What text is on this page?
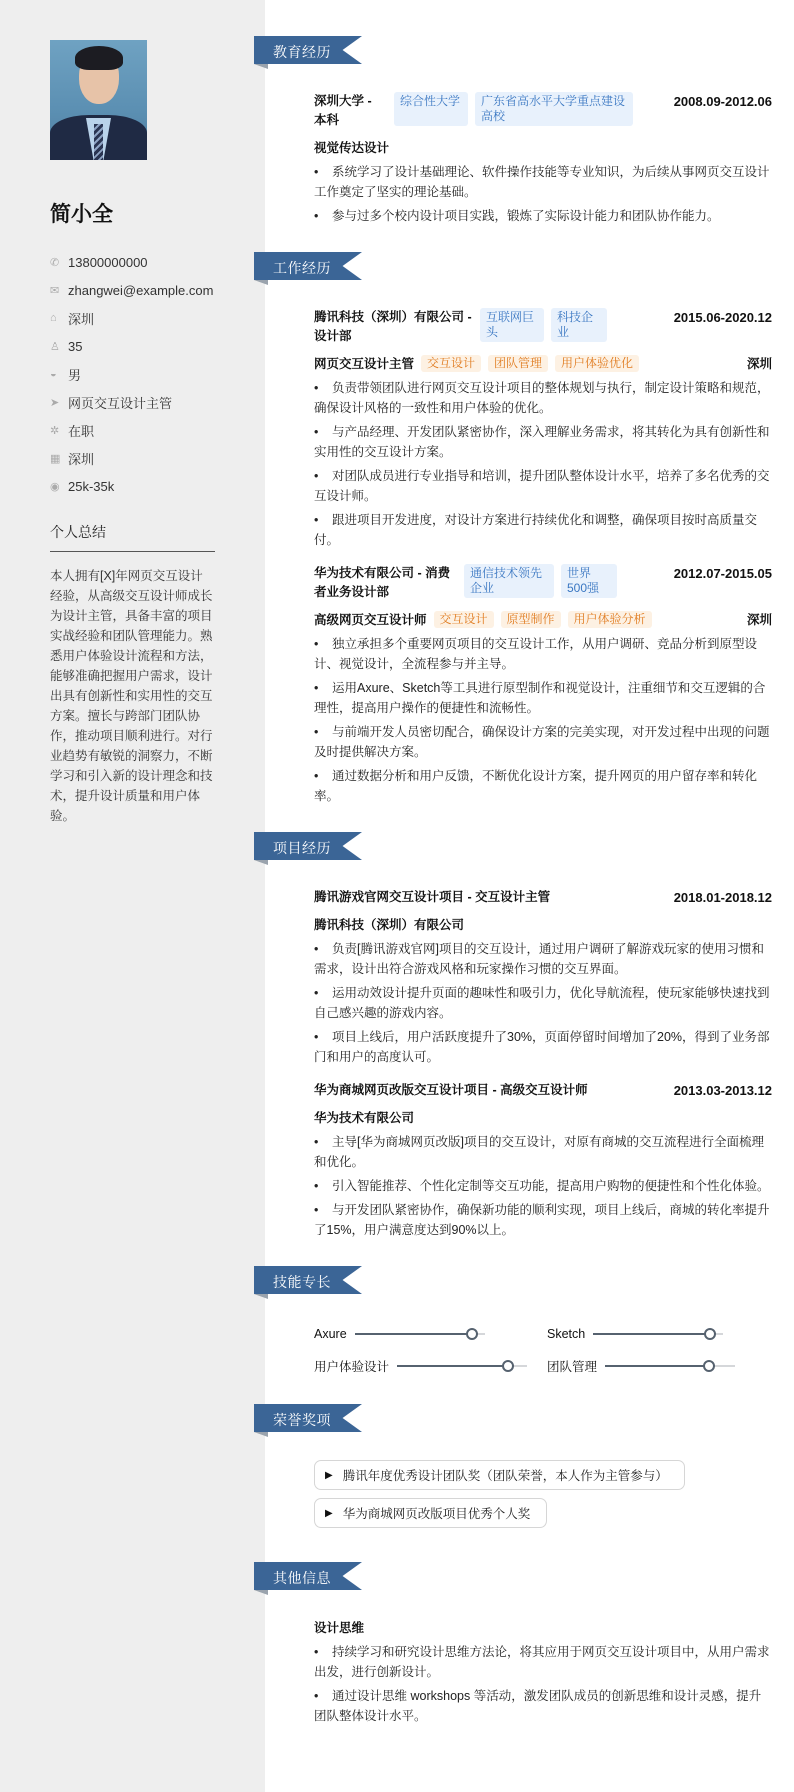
简小全
✆ 13800000000
✉ zhangwei@example.com
⌂ 深圳
♙ 35
◒ 男
➤ 网页交互设计主管
✲ 在职
▦ 深圳
◉ 25k-35k
个人总结
本人拥有[X]年网页交互设计经验，从高级交互设计师成长为设计主管，具备丰富的项目实战经验和团队管理能力。熟悉用户体验设计流程和方法，能够准确把握用户需求，设计出具有创新性和实用性的交互方案。擅长与跨部门团队协作，推动项目顺利进行。对行业趋势有敏锐的洞察力，不断学习和引入新的设计理念和技术，提升设计质量和用户体验。
教育经历
深圳大学 - 本科
综合性大学	广东省高水平大学重点建设高校
2008.09-2012.06
视觉传达设计
• 系统学习了设计基础理论、软件操作技能等专业知识，为后续从事网页交互设计工作奠定了坚实的理论基础。
• 参与过多个校内设计项目实践，锻炼了实际设计能力和团队协作能力。
工作经历
腾讯科技（深圳）有限公司 - 设计部
互联网巨头
科技企业
2015.06-2020.12
网页交互设计主管	交互设计	团队管理	用户体验优化	深圳
• 负责带领团队进行网页交互设计项目的整体规划与执行，制定设计策略和规范，确保设计风格的一致性和用户体验的优化。
• 与产品经理、开发团队紧密协作，深入理解业务需求，将其转化为具有创新性和实用性的交互设计方案。
• 对团队成员进行专业指导和培训，提升团队整体设计水平，培养了多名优秀的交互设计师。
• 跟进项目开发进度，对设计方案进行持续优化和调整，确保项目按时高质量交付。
华为技术有限公司 - 消费者业务设计部
通信技术领先企业
世界500强
2012.07-2015.05
高级网页交互设计师	交互设计	原型制作	用户体验分析	深圳
• 独立承担多个重要网页项目的交互设计工作，从用户调研、竞品分析到原型设计、视觉设计，全流程参与并主导。
• 运用Axure、Sketch等工具进行原型制作和视觉设计，注重细节和交互逻辑的合理性，提高用户操作的便捷性和流畅性。
• 与前端开发人员密切配合，确保设计方案的完美实现，对开发过程中出现的问题及时提供解决方案。
• 通过数据分析和用户反馈，不断优化设计方案，提升网页的用户留存率和转化率。
项目经历
腾讯游戏官网交互设计项目 - 交互设计主管	2018.01-2018.12
腾讯科技（深圳）有限公司
• 负责[腾讯游戏官网]项目的交互设计，通过用户调研了解游戏玩家的使用习惯和需求，设计出符合游戏风格和玩家操作习惯的交互界面。
• 运用动效设计提升页面的趣味性和吸引力，优化导航流程，使玩家能够快速找到自己感兴趣的游戏内容。
• 项目上线后，用户活跃度提升了30%，页面停留时间增加了20%，得到了业务部门和用户的高度认可。
华为商城网页改版交互设计项目 - 高级交互设计师	2013.03-2013.12
华为技术有限公司
• 主导[华为商城网页改版]项目的交互设计，对原有商城的交互流程进行全面梳理和优化。
• 引入智能推荐、个性化定制等交互功能，提高用户购物的便捷性和个性化体验。
• 与开发团队紧密协作，确保新功能的顺利实现，项目上线后，商城的转化率提升了15%，用户满意度达到90%以上。
技能专长
Axure	Sketch
用户体验设计	团队管理
荣誉奖项
▶ 腾讯年度优秀设计团队奖（团队荣誉，本人作为主管参与）
▶ 华为商城网页改版项目优秀个人奖
其他信息
设计思维
• 持续学习和研究设计思维方法论，将其应用于网页交互设计项目中，从用户需求出发，进行创新设计。
• 通过设计思维 workshops 等活动，激发团队成员的创新思维和设计灵感，提升团队整体设计水平。
